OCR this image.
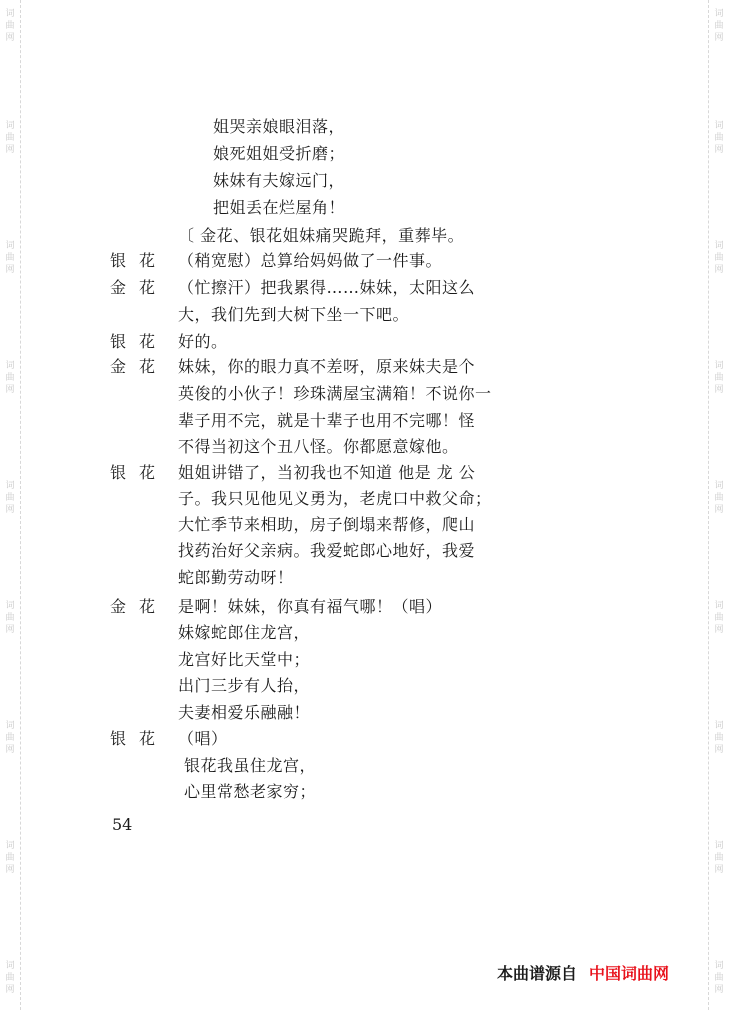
词
曲
网
词
曲
网
词
曲
网
词
曲
网
词
曲
网
词
曲
网
词
曲
网
词
曲
网
词
曲
网
词
曲
网
词
曲
网
词
曲
网
词
曲
网
词
曲
网
词
曲
网
词
曲
网
词
曲
网
词
曲
网
姐哭亲娘眼泪落，
娘死姐姐受折磨；
妹妹有夫嫁远门，
把姐丢在烂屋角！
〔 金花、银花姐妹痛哭跪拜，重葬毕。
银花 （稍宽慰）总算给妈妈做了一件事。
金花 （忙擦汗）把我累得……妹妹，太阳这么
大，我们先到大树下坐一下吧。
银花 好的。
金花 妹妹，你的眼力真不差呀，原来妹夫是个
英俊的小伙子！珍珠满屋宝满箱！不说你一
辈子用不完，就是十辈子也用不完哪！怪
不得当初这个丑八怪。你都愿意嫁他。
银花 姐姐讲错了，当初我也不知道 他是 龙 公
子。我只见他见义勇为，老虎口中救父命；
大忙季节来相助，房子倒塌来帮修，爬山
找药治好父亲病。我爱蛇郎心地好，我爱
蛇郎勤劳动呀！
金花 是啊！妹妹，你真有福气哪！（唱）
妹嫁蛇郎住龙宫，
龙宫好比天堂中；
出门三步有人抬，
夫妻相爱乐融融！
银花 （唱）
银花我虽住龙宫，
心里常愁老家穷；
54
本曲谱源自 中国词曲网
